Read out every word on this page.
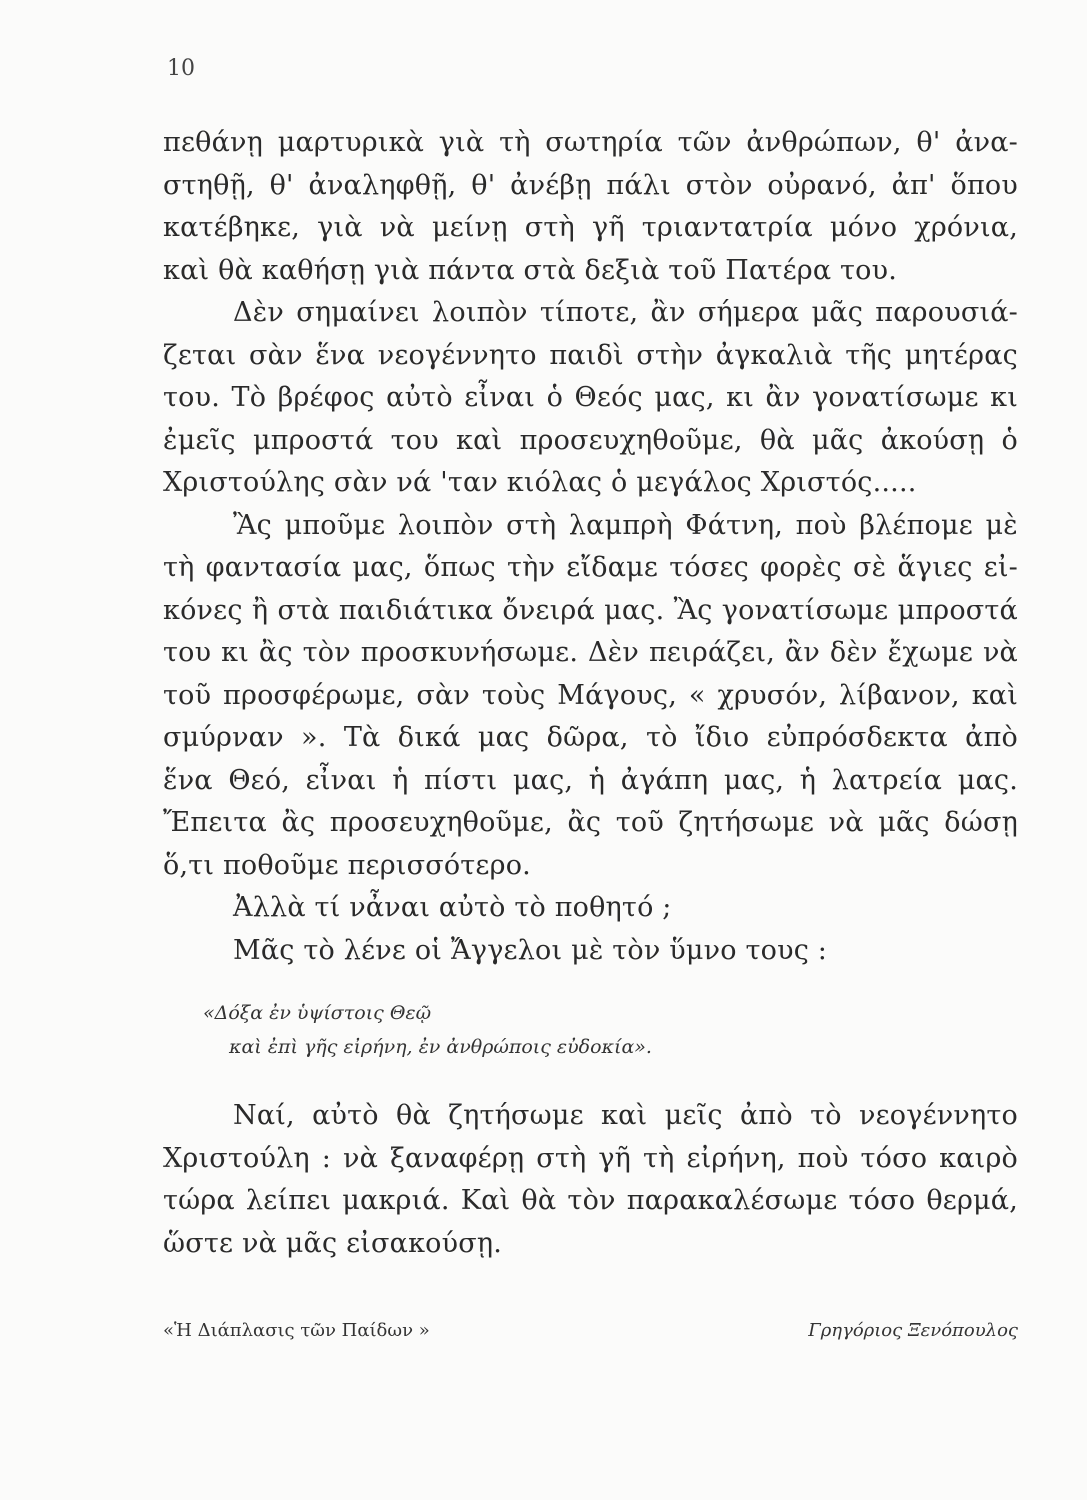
10
πεθάνῃ μαρτυρικὰ γιὰ τὴ σωτηρία τῶν ἀνθρώπων, θ' ἀνα-
στηθῇ, θ' ἀναληφθῇ, θ' ἀνέβῃ πάλι στὸν οὐρανό, ἀπ' ὅπου
κατέβηκε, γιὰ νὰ μείνῃ στὴ γῆ τριαντατρία μόνο χρόνια,
καὶ θὰ καθήσῃ γιὰ πάντα στὰ δεξιὰ τοῦ Πατέρα του.
Δὲν σημαίνει λοιπὸν τίποτε, ἂν σήμερα μᾶς παρουσιά-
ζεται σὰν ἕνα νεογέννητο παιδὶ στὴν ἀγκαλιὰ τῆς μητέρας
του. Τὸ βρέφος αὐτὸ εἶναι ὁ Θεός μας, κι ἂν γονατίσωμε κι
ἐμεῖς μπροστά του καὶ προσευχηθοῦμε, θὰ μᾶς ἀκούσῃ ὁ
Χριστούλης σὰν νά 'ταν κιόλας ὁ μεγάλος Χριστός.....
Ἂς μποῦμε λοιπὸν στὴ λαμπρὴ Φάτνη, ποὺ βλέπομε μὲ
τὴ φαντασία μας, ὅπως τὴν εἴδαμε τόσες φορὲς σὲ ἅγιες εἰ-
κόνες ἢ στὰ παιδιάτικα ὄνειρά μας. Ἂς γονατίσωμε μπροστά
του κι ἂς τὸν προσκυνήσωμε. Δὲν πειράζει, ἂν δὲν ἔχωμε νὰ
τοῦ προσφέρωμε, σὰν τοὺς Μάγους, « χρυσόν, λίβανον, καὶ
σμύρναν ». Τὰ δικά μας δῶρα, τὸ ἴδιο εὐπρόσδεκτα ἀπὸ
ἕνα Θεό, εἶναι ἡ πίστι μας, ἡ ἀγάπη μας, ἡ λατρεία μας.
Ἔπειτα ἂς προσευχηθοῦμε, ἂς τοῦ ζητήσωμε νὰ μᾶς δώσῃ
ὅ,τι ποθοῦμε περισσότερο.
Ἀλλὰ τί νἆναι αὐτὸ τὸ ποθητό ;
Μᾶς τὸ λένε οἱ Ἄγγελοι μὲ τὸν ὕμνο τους :
«Δόξα ἐν ὑψίστοις Θεῷ
καὶ ἐπὶ γῆς εἰρήνη, ἐν ἀνθρώποις εὐδοκία».
Ναί, αὐτὸ θὰ ζητήσωμε καὶ μεῖς ἀπὸ τὸ νεογέννητο
Χριστούλη : νὰ ξαναφέρῃ στὴ γῆ τὴ εἰρήνη, ποὺ τόσο καιρὸ
τώρα λείπει μακριά. Καὶ θὰ τὸν παρακαλέσωμε τόσο θερμά,
ὥστε νὰ μᾶς εἰσακούσῃ.
«Ἡ Διάπλασις τῶν Παίδων »	Γρηγόριος Ξενόπουλος
